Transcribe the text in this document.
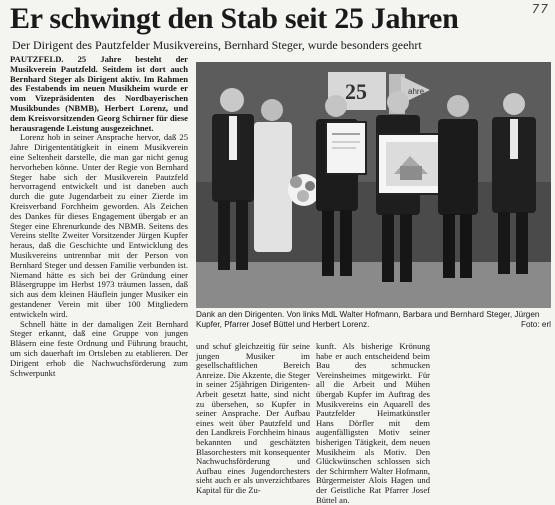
77
Er schwingt den Stab seit 25 Jahren
Der Dirigent des Pautzfelder Musikvereins, Bernhard Steger, wurde besonders geehrt

PAUTZFELD. 25 Jahre besteht der Musikverein Pautzfeld. Seitdem ist dort auch Bernhard Steger als Dirigent aktiv. Im Rahmen des Festabends im neuen Musikheim wurde er vom Vizepräsidenten des Nordbayerischen Musikbundes (NBMB), Herbert Lorenz, und dem Kreisvorsitzenden Georg Schirner für diese herausragende Leistung ausgezeichnet.

Lorenz hob in seiner Ansprache hervor, daß 25 Jahre Dirigententätigkeit in einem Musikverein eine Seltenheit darstelle, die man gar nicht genug hervorheben könne. Unter der Regie von Bernhard Steger habe sich der Musikverein Pautzfeld hervorragend entwickelt und ist daneben auch durch die gute Jugendarbeit zu einer Zierde im Kreisverband Forchheim geworden. Als Zeichen des Dankes für dieses Engagement übergab er an Steger eine Ehrenurkunde des NBMB. Seitens des Vereins stellte Zweiter Vorsitzender Jürgen Kupfer heraus, daß die Geschichte und Entwicklung des Musikvereins untrennbar mit der Person von Bernhard Steger und dessen Familie verbunden ist. Niemand hätte es sich bei der Gründung einer Bläsergruppe im Herbst 1973 träumen lassen, daß sich aus dem kleinen Häuflein junger Musiker ein gestandener Verein mit über 100 Mitgliedern entwickeln wird.

Schnell hätte in der damaligen Zeit Bernhard Steger erkannt, daß eine Gruppe von jungen Bläsern eine feste Ordnung und Führung braucht, um sich dauerhaft im Ortsleben zu etablieren. Der Dirigent erhob die Nachwuchsförderung zum Schwerpunkt

25	ahre
Dank an den Dirigenten. Von links MdL Walter Hofmann, Barbara und Bernhard Steger, Jürgen Kupfer, Pfarrer Josef Büttel und Herbert Lorenz.	Foto: erl

und schuf gleichzeitig für seine jungen Musiker im gesellschaftlichen Bereich Anreize. Die Akzente, die Steger in seiner 25jährigen Dirigenten-Arbeit gesetzt hatte, sind nicht zu übersehen, so Kupfer in seiner Ansprache. Der Aufbau eines weit über Pautzfeld und den Landkreis Forchheim hinaus bekannten und geschätzten Blasorchesters mit konsequenter Nachwuchsförderung und Aufbau eines Jugendorchesters sieht auch er als unverzichtbares Kapital für die Zu-

kunft. Als bisherige Krönung habe er auch entscheidend beim Bau des schmucken Vereinsheimes mitgewirkt. Für all die Arbeit und Mühen übergab Kupfer im Auftrag des Musikvereins ein Aquarell des Pautzfelder Heimatkünstler Hans Dörfler mit dem augenfälligsten Motiv seiner bisherigen Tätigkeit, dem neuen Musikheim als Motiv. Den Glückwünschen schlossen sich der Schirmherr Walter Hofmann, Bürgermeister Alois Hagen und der Geistliche Rat Pfarrer Josef Büttel an.
